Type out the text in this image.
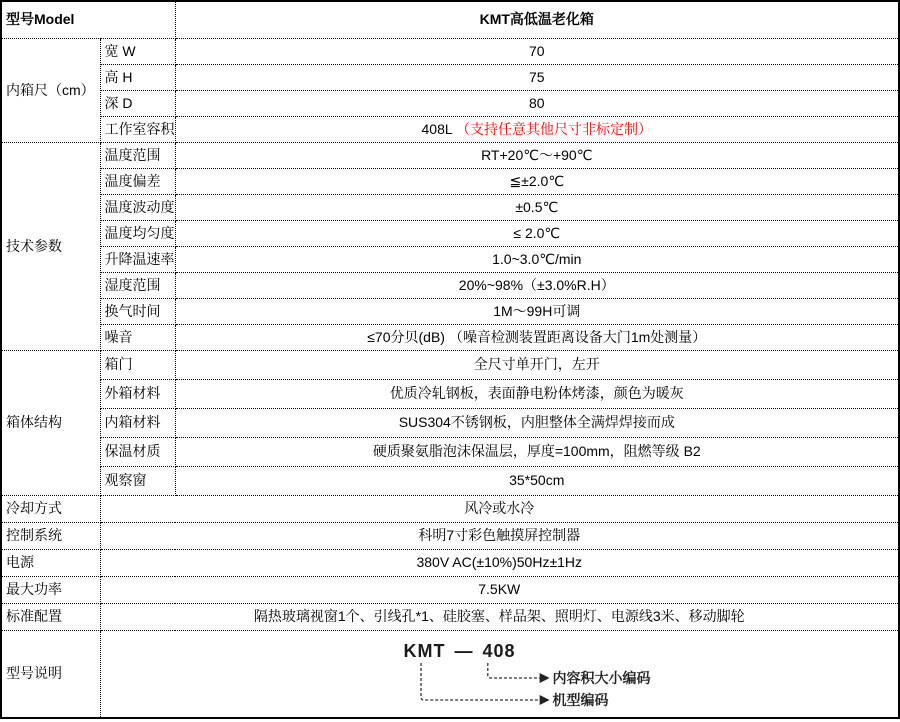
型号Model		KMT高低温老化箱
内箱尺（cm）	宽 W	70
	高 H	75
	深 D	80
	工作室容积	408L （支持任意其他尺寸非标定制）
技术参数	温度范围	RT+20℃～+90℃
	温度偏差	≦±2.0℃
	温度波动度	±0.5℃
	温度均匀度	≤ 2.0℃
	升降温速率	1.0~3.0℃/min
	湿度范围	20%~98%（±3.0%R.H）
	换气时间	1M～99H可调
	噪音	≤70分贝(dB) （噪音检测装置距离设备大门1m处测量）
箱体结构	箱门	全尺寸单开门，左开
	外箱材料	优质冷轧钢板，表面静电粉体烤漆，颜色为暖灰
	内箱材料	SUS304不锈钢板，内胆整体全满焊焊接而成
	保温材质	硬质聚氨脂泡沫保温层，厚度=100mm，阻燃等级 B2
	观察窗	35*50cm
冷却方式	风冷或水冷	
控制系统	科明7寸彩色触摸屏控制器	
电源	380V AC(±10%)50Hz±1Hz	
最大功率	7.5KW	
标准配置	隔热玻璃视窗1个、引线孔*1、硅胶塞、样品架、照明灯、电源线3米、移动脚轮	
型号说明	KMT — 408
内容积大小编码
机型编码	
